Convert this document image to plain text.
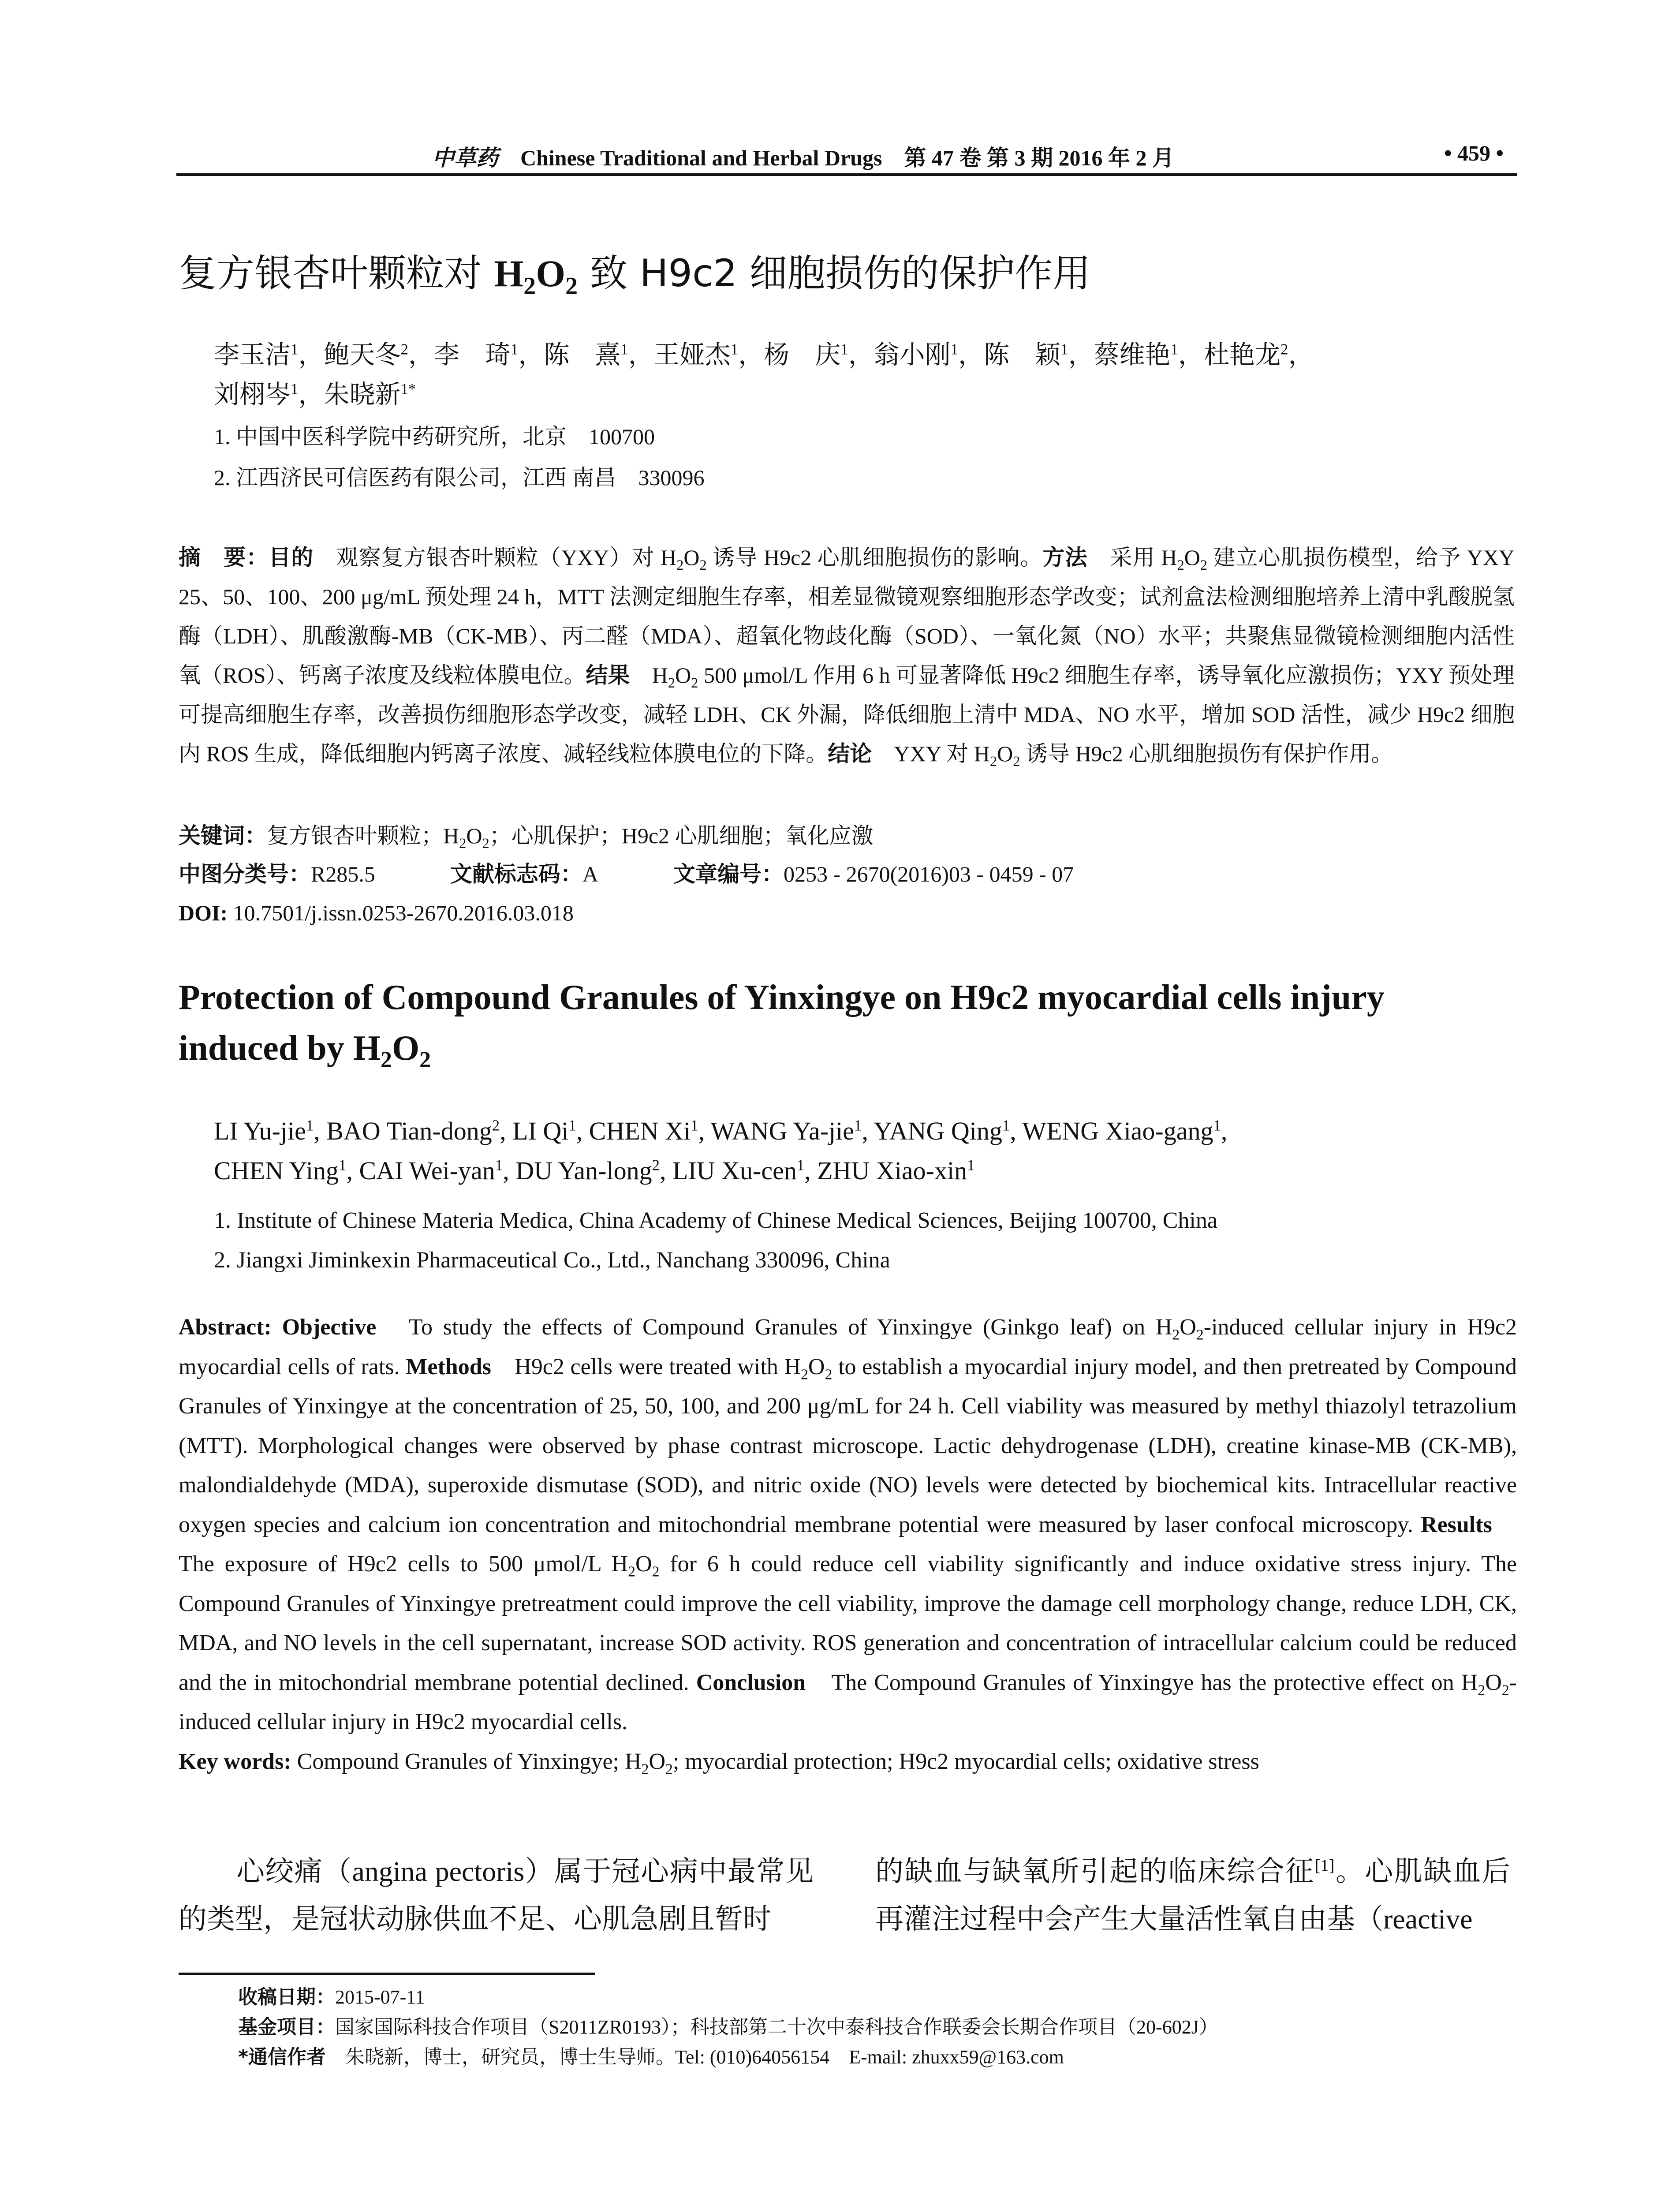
中草药 Chinese Traditional and Herbal Drugs 第 47 卷 第 3 期 2016 年 2 月	• 459 •
复方银杏叶颗粒对 $H_2O_2$ 致 H9c2 细胞损伤的保护作用
李玉洁$^1$，鲍天冬$^2$，李　琦$^1$，陈　熹$^1$，王娅杰$^1$，杨　庆$^1$，翁小刚$^1$，陈　颖$^1$，蔡维艳$^1$，杜艳龙$^2$，
刘栩岑$^1$，朱晓新$^{1*}$
1. 中国中医科学院中药研究所，北京　100700
2. 江西济民可信医药有限公司，江西 南昌　330096
摘　要：目的　观察复方银杏叶颗粒（YXY）对 $H_2O_2$ 诱导 H9c2 心肌细胞损伤的影响。方法　采用 $H_2O_2$ 建立心肌损伤模型，给予 YXY 25、50、100、200 μg/mL 预处理 24 h，MTT 法测定细胞生存率，相差显微镜观察细胞形态学改变；试剂盒法检测细胞培养上清中乳酸脱氢酶（LDH）、肌酸激酶-MB（CK-MB）、丙二醛（MDA）、超氧化物歧化酶（SOD）、一氧化氮（NO）水平；共聚焦显微镜检测细胞内活性氧（ROS）、钙离子浓度及线粒体膜电位。结果　$H_2O_2$ 500 μmol/L 作用 6 h 可显著降低 H9c2 细胞生存率，诱导氧化应激损伤；YXY 预处理可提高细胞生存率，改善损伤细胞形态学改变，减轻 LDH、CK 外漏，降低细胞上清中 MDA、NO 水平，增加 SOD 活性，减少 H9c2 细胞内 ROS 生成，降低细胞内钙离子浓度、减轻线粒体膜电位的下降。结论　YXY 对 $H_2O_2$ 诱导 H9c2 心肌细胞损伤有保护作用。
关键词：复方银杏叶颗粒；$H_2O_2$；心肌保护；H9c2 心肌细胞；氧化应激
中图分类号：R285.5	文献标志码：A	文章编号：0253 - 2670(2016)03 - 0459 - 07
DOI: 10.7501/j.issn.0253-2670.2016.03.018
Protection of Compound Granules of Yinxingye on H9c2 myocardial cells injury
induced by $H_2O_2$
LI Yu-jie$^1$, BAO Tian-dong$^2$, LI Qi$^1$, CHEN Xi$^1$, WANG Ya-jie$^1$, YANG Qing$^1$, WENG Xiao-gang$^1$,
CHEN Ying$^1$, CAI Wei-yan$^1$, DU Yan-long$^2$, LIU Xu-cen$^1$, ZHU Xiao-xin$^1$
1. Institute of Chinese Materia Medica, China Academy of Chinese Medical Sciences, Beijing 100700, China
2. Jiangxi Jiminkexin Pharmaceutical Co., Ltd., Nanchang 330096, China
Abstract: Objective　To study the effects of Compound Granules of Yinxingye (Ginkgo leaf) on $H_2O_2$-induced cellular injury in H9c2 myocardial cells of rats. Methods　H9c2 cells were treated with $H_2O_2$ to establish a myocardial injury model, and then pretreated by Compound Granules of Yinxingye at the concentration of 25, 50, 100, and 200 μg/mL for 24 h. Cell viability was measured by methyl thiazolyl tetrazolium (MTT). Morphological changes were observed by phase contrast microscope. Lactic dehydrogenase (LDH), creatine kinase-MB (CK-MB), malondialdehyde (MDA), superoxide dismutase (SOD), and nitric oxide (NO) levels were detected by biochemical kits. Intracellular reactive oxygen species and calcium ion concentration and mitochondrial membrane potential were measured by laser confocal microscopy. Results　The exposure of H9c2 cells to 500 μmol/L $H_2O_2$ for 6 h could reduce cell viability significantly and induce oxidative stress injury. The Compound Granules of Yinxingye pretreatment could improve the cell viability, improve the damage cell morphology change, reduce LDH, CK, MDA, and NO levels in the cell supernatant, increase SOD activity. ROS generation and concentration of intracellular calcium could be reduced and the in mitochondrial membrane potential declined. Conclusion　The Compound Granules of Yinxingye has the protective effect on $H_2O_2$-induced cellular injury in H9c2 myocardial cells.
Key words: Compound Granules of Yinxingye; $H_2O_2$; myocardial protection; H9c2 myocardial cells; oxidative stress
　　心绞痛（angina pectoris）属于冠心病中最常见的类型，是冠状动脉供血不足、心肌急剧且暂时
的缺血与缺氧所引起的临床综合征[1]。心肌缺血后再灌注过程中会产生大量活性氧自由基（reactive
收稿日期：2015-07-11
基金项目：国家国际科技合作项目（S2011ZR0193）；科技部第二十次中泰科技合作联委会长期合作项目（20-602J）
*通信作者　朱晓新，博士，研究员，博士生导师。Tel: (010)64056154　E-mail: zhuxx59@163.com
